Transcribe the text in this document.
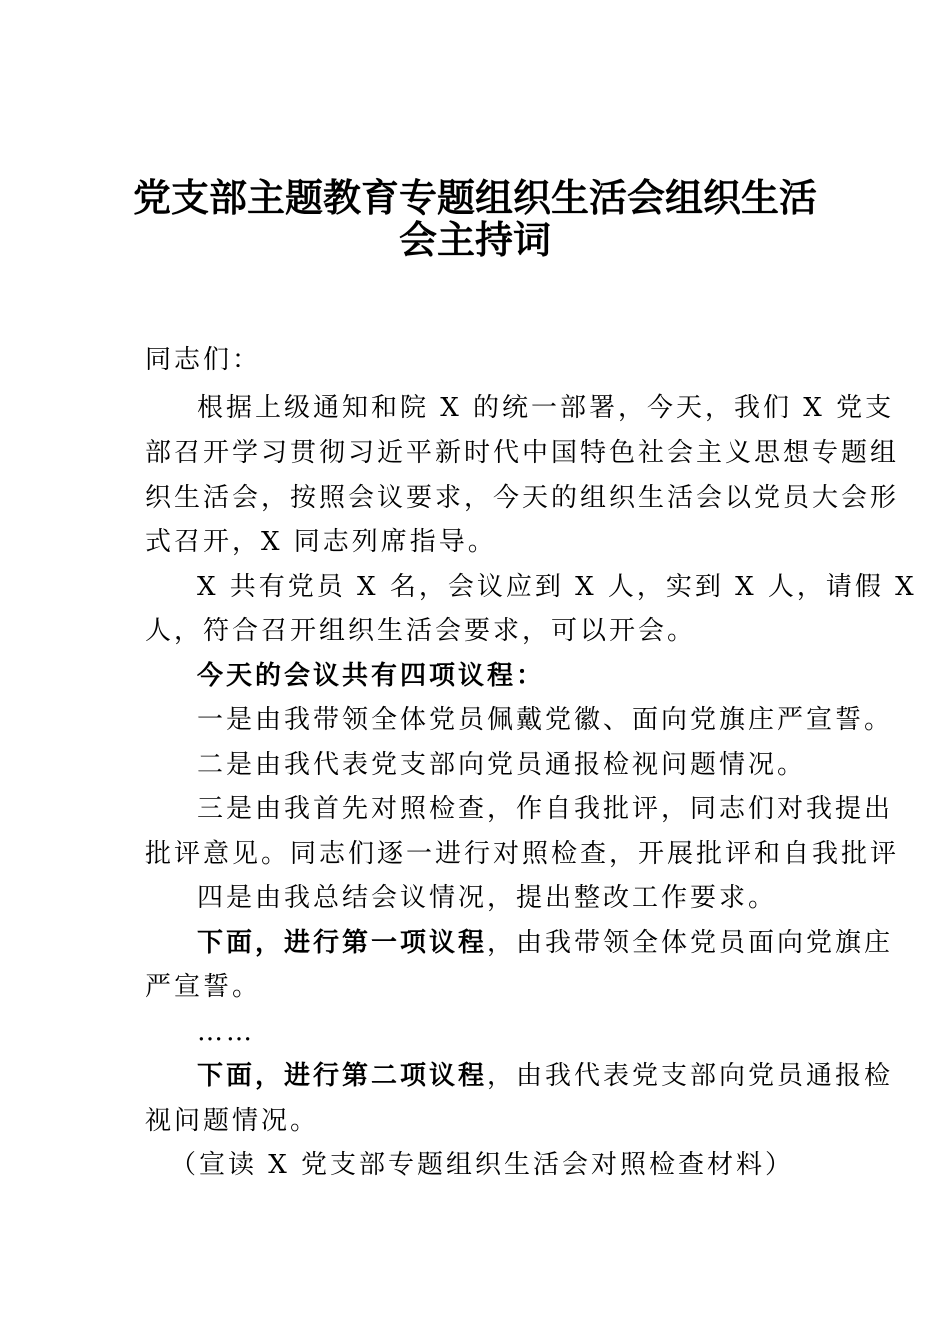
党支部主题教育专题组织生活会组织生活
会主持词
同志们：
根据上级通知和院 X 的统一部署，今天，我们 X 党支
部召开学习贯彻习近平新时代中国特色社会主义思想专题组
织生活会，按照会议要求，今天的组织生活会以党员大会形
式召开，X 同志列席指导。
X 共有党员 X 名，会议应到 X 人，实到 X 人，请假 X
人，符合召开组织生活会要求，可以开会。
今天的会议共有四项议程：
一是由我带领全体党员佩戴党徽、面向党旗庄严宣誓。
二是由我代表党支部向党员通报检视问题情况。
三是由我首先对照检查，作自我批评，同志们对我提出
批评意见。同志们逐一进行对照检查，开展批评和自我批评
四是由我总结会议情况，提出整改工作要求。
下面，进行第一项议程，由我带领全体党员面向党旗庄
严宣誓。
……
下面，进行第二项议程，由我代表党支部向党员通报检
视问题情况。
（宣读 X 党支部专题组织生活会对照检查材料）
